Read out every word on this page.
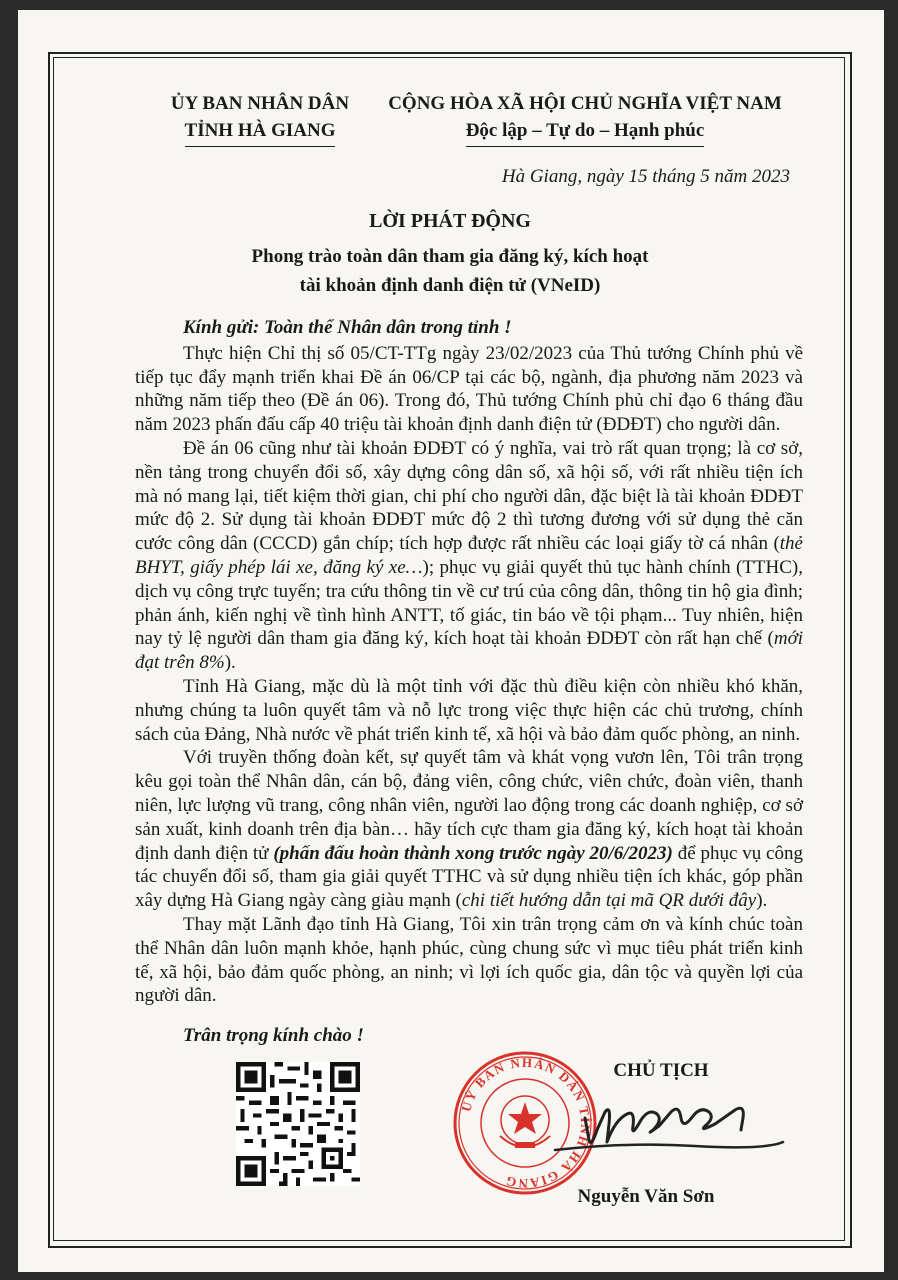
ỦY BAN NHÂN DÂN
TỈNH HÀ GIANG
CỘNG HÒA XÃ HỘI CHỦ NGHĨA VIỆT NAM
Độc lập – Tự do – Hạnh phúc
Hà Giang, ngày 15 tháng 5 năm 2023
LỜI PHÁT ĐỘNG
Phong trào toàn dân tham gia đăng ký, kích hoạt
tài khoản định danh điện tử (VNeID)

Kính gửi: Toàn thể Nhân dân trong tỉnh !

Thực hiện Chỉ thị số 05/CT-TTg ngày 23/02/2023 của Thủ tướng Chính phủ về tiếp tục đẩy mạnh triển khai Đề án 06/CP tại các bộ, ngành, địa phương năm 2023 và những năm tiếp theo (Đề án 06). Trong đó, Thủ tướng Chính phủ chỉ đạo 6 tháng đầu năm 2023 phấn đấu cấp 40 triệu tài khoản định danh điện tử (ĐDĐT) cho người dân.

Đề án 06 cũng như tài khoản ĐDĐT có ý nghĩa, vai trò rất quan trọng; là cơ sở, nền tảng trong chuyển đổi số, xây dựng công dân số, xã hội số, với rất nhiều tiện ích mà nó mang lại, tiết kiệm thời gian, chi phí cho người dân, đặc biệt là tài khoản ĐDĐT mức độ 2. Sử dụng tài khoản ĐDĐT mức độ 2 thì tương đương với sử dụng thẻ căn cước công dân (CCCD) gắn chíp; tích hợp được rất nhiều các loại giấy tờ cá nhân (thẻ BHYT, giấy phép lái xe, đăng ký xe…); phục vụ giải quyết thủ tục hành chính (TTHC), dịch vụ công trực tuyến; tra cứu thông tin về cư trú của công dân, thông tin hộ gia đình; phản ánh, kiến nghị về tình hình ANTT, tố giác, tin báo về tội phạm... Tuy nhiên, hiện nay tỷ lệ người dân tham gia đăng ký, kích hoạt tài khoản ĐDĐT còn rất hạn chế (mới đạt trên 8%).

Tỉnh Hà Giang, mặc dù là một tỉnh với đặc thù điều kiện còn nhiều khó khăn, nhưng chúng ta luôn quyết tâm và nỗ lực trong việc thực hiện các chủ trương, chính sách của Đảng, Nhà nước về phát triển kinh tế, xã hội và bảo đảm quốc phòng, an ninh.

Với truyền thống đoàn kết, sự quyết tâm và khát vọng vươn lên, Tôi trân trọng kêu gọi toàn thể Nhân dân, cán bộ, đảng viên, công chức, viên chức, đoàn viên, thanh niên, lực lượng vũ trang, công nhân viên, người lao động trong các doanh nghiệp, cơ sở sản xuất, kinh doanh trên địa bàn… hãy tích cực tham gia đăng ký, kích hoạt tài khoản định danh điện tử (phấn đấu hoàn thành xong trước ngày 20/6/2023) để phục vụ công tác chuyển đổi số, tham gia giải quyết TTHC và sử dụng nhiều tiện ích khác, góp phần xây dựng Hà Giang ngày càng giàu mạnh (chi tiết hướng dẫn tại mã QR dưới đây).

Thay mặt Lãnh đạo tỉnh Hà Giang, Tôi xin trân trọng cảm ơn và kính chúc toàn thể Nhân dân luôn mạnh khỏe, hạnh phúc, cùng chung sức vì mục tiêu phát triển kinh tế, xã hội, bảo đảm quốc phòng, an ninh; vì lợi ích quốc gia, dân tộc và quyền lợi của người dân.

Trân trọng kính chào !
UỶ BAN NHÂN DÂN TỈNH HÀ GIANG
CHỦ TỊCH
Nguyễn Văn Sơn
